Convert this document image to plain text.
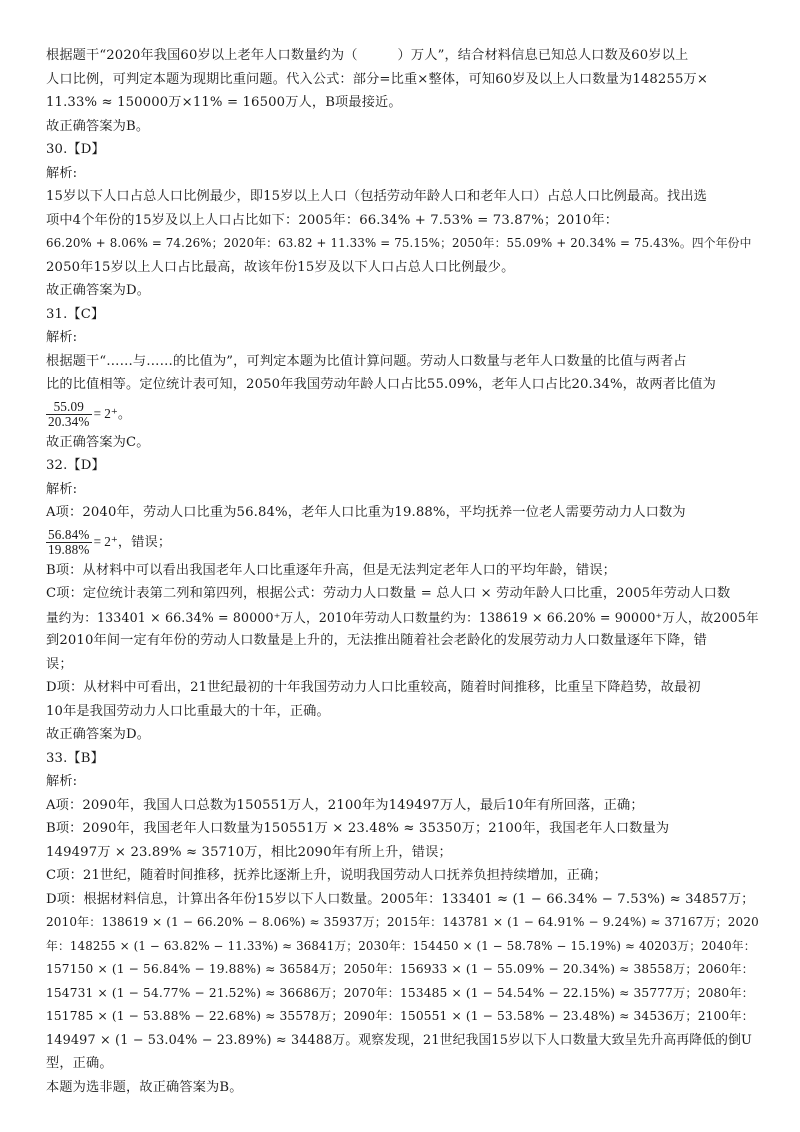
根据题干“2020年我国60岁以上老年人口数量约为（　　　）万人”，结合材料信息已知总人口数及60岁以上
人口比例，可判定本题为现期比重问题。代入公式：部分=比重×整体，可知60岁及以上人口数量为148255万×
11.33% ≈ 150000万×11% = 16500万人，B项最接近。
故正确答案为B。
30.【D】
解析:
15岁以下人口占总人口比例最少，即15岁以上人口（包括劳动年龄人口和老年人口）占总人口比例最高。找出选
项中4个年份的15岁及以上人口占比如下：2005年：66.34% + 7.53% = 73.87%；2010年：
66.20% + 8.06% = 74.26%；2020年：63.82 + 11.33% = 75.15%；2050年：55.09% + 20.34% = 75.43%。四个年份中
2050年15岁以上人口占比最高，故该年份15岁及以下人口占总人口比例最少。
故正确答案为D。
31.【C】
解析:
根据题干“……与……的比值为”，可判定本题为比值计算问题。劳动人口数量与老年人口数量的比值与两者占
比的比值相等。定位统计表可知，2050年我国劳动年龄人口占比55.09%，老年人口占比20.34%，故两者比值为
$\frac{55.09}{20.34\%} = 2^+$。
故正确答案为C。
32.【D】
解析:
A项：2040年，劳动人口比重为56.84%，老年人口比重为19.88%，平均抚养一位老人需要劳动力人口数为
$\frac{56.84\%}{19.88\%} = 2^+$，错误；
B项：从材料中可以看出我国老年人口比重逐年升高，但是无法判定老年人口的平均年龄，错误；
C项：定位统计表第二列和第四列，根据公式：劳动力人口数量 = 总人口 × 劳动年龄人口比重，2005年劳动人口数
量约为：133401 × 66.34% = 80000⁺万人，2010年劳动人口数量约为：138619 × 66.20% = 90000⁺万人，故2005年
到2010年间一定有年份的劳动人口数量是上升的，无法推出随着社会老龄化的发展劳动力人口数量逐年下降，错
误；
D项：从材料中可看出，21世纪最初的十年我国劳动力人口比重较高，随着时间推移，比重呈下降趋势，故最初
10年是我国劳动力人口比重最大的十年，正确。
故正确答案为D。
33.【B】
解析:
A项：2090年，我国人口总数为150551万人，2100年为149497万人，最后10年有所回落，正确；
B项：2090年，我国老年人口数量为150551万 × 23.48% ≈ 35350万；2100年，我国老年人口数量为
149497万 × 23.89% ≈ 35710万，相比2090年有所上升，错误；
C项：21世纪，随着时间推移，抚养比逐渐上升，说明我国劳动人口抚养负担持续增加，正确；
D项：根据材料信息，计算出各年份15岁以下人口数量。2005年：133401 ≈ (1 − 66.34% − 7.53%) ≈ 34857万；
2010年：138619 × (1 − 66.20% − 8.06%) ≈ 35937万；2015年：143781 × (1 − 64.91% − 9.24%) ≈ 37167万；2020
年：148255 × (1 − 63.82% − 11.33%) ≈ 36841万；2030年：154450 × (1 − 58.78% − 15.19%) ≈ 40203万；2040年：
157150 × (1 − 56.84% − 19.88%) ≈ 36584万；2050年：156933 × (1 − 55.09% − 20.34%) ≈ 38558万；2060年：
154731 × (1 − 54.77% − 21.52%) ≈ 36686万；2070年：153485 × (1 − 54.54% − 22.15%) ≈ 35777万；2080年：
151785 × (1 − 53.88% − 22.68%) ≈ 35578万；2090年：150551 × (1 − 53.58% − 23.48%) ≈ 34536万；2100年：
149497 × (1 − 53.04% − 23.89%) ≈ 34488万。观察发现，21世纪我国15岁以下人口数量大致呈先升高再降低的倒U
型，正确。
本题为选非题，故正确答案为B。
